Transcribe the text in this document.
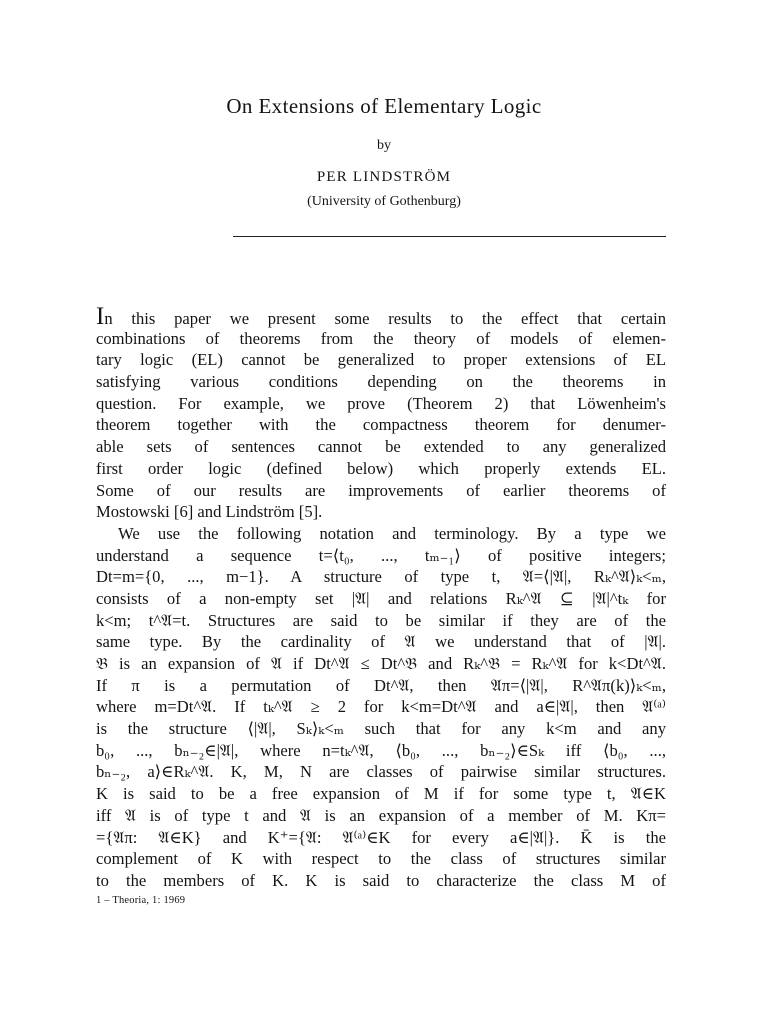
On Extensions of Elementary Logic
by
PER LINDSTRÖM
(University of Gothenburg)
In this paper we present some results to the effect that certain
combinations of theorems from the theory of models of elemen-
tary logic (EL) cannot be generalized to proper extensions of EL
satisfying various conditions depending on the theorems in
question. For example, we prove (Theorem 2) that Löwenheim's
theorem together with the compactness theorem for denumer-
able sets of sentences cannot be extended to any generalized
first order logic (defined below) which properly extends EL.
Some of our results are improvements of earlier theorems of
Mostowski [6] and Lindström [5].
We use the following notation and terminology. By a type we
understand a sequence t=⟨t₀, ..., tₘ₋₁⟩ of positive integers;
Dt=m={0, ..., m−1}. A structure of type t, 𝔄=⟨|𝔄|, Rₖ^𝔄⟩ₖ<ₘ,
consists of a non-empty set |𝔄| and relations Rₖ^𝔄 ⊆ |𝔄|^tₖ for
k<m; t^𝔄=t. Structures are said to be similar if they are of the
same type. By the cardinality of 𝔄 we understand that of |𝔄|.
𝔅 is an expansion of 𝔄 if Dt^𝔄 ≤ Dt^𝔅 and Rₖ^𝔅 = Rₖ^𝔄 for k<Dt^𝔄.
If π is a permutation of Dt^𝔄, then 𝔄π=⟨|𝔄|, R^𝔄π(k)⟩ₖ<ₘ,
where m=Dt^𝔄. If tₖ^𝔄 ≥ 2 for k<m=Dt^𝔄 and a∈|𝔄|, then 𝔄⁽ᵃ⁾
is the structure ⟨|𝔄|, Sₖ⟩ₖ<ₘ such that for any k<m and any
b₀, ..., bₙ₋₂∈|𝔄|, where n=tₖ^𝔄, ⟨b₀, ..., bₙ₋₂⟩∈Sₖ iff ⟨b₀, ...,
bₙ₋₂, a⟩∈Rₖ^𝔄. K, M, N are classes of pairwise similar structures.
K is said to be a free expansion of M if for some type t, 𝔄∈K
iff 𝔄 is of type t and 𝔄 is an expansion of a member of M. Kπ=
={𝔄π: 𝔄∈K} and K⁺={𝔄: 𝔄⁽ᵃ⁾∈K for every a∈|𝔄|}. K̄ is the
complement of K with respect to the class of structures similar
to the members of K. K is said to characterize the class M of
1 – Theoria, 1: 1969
